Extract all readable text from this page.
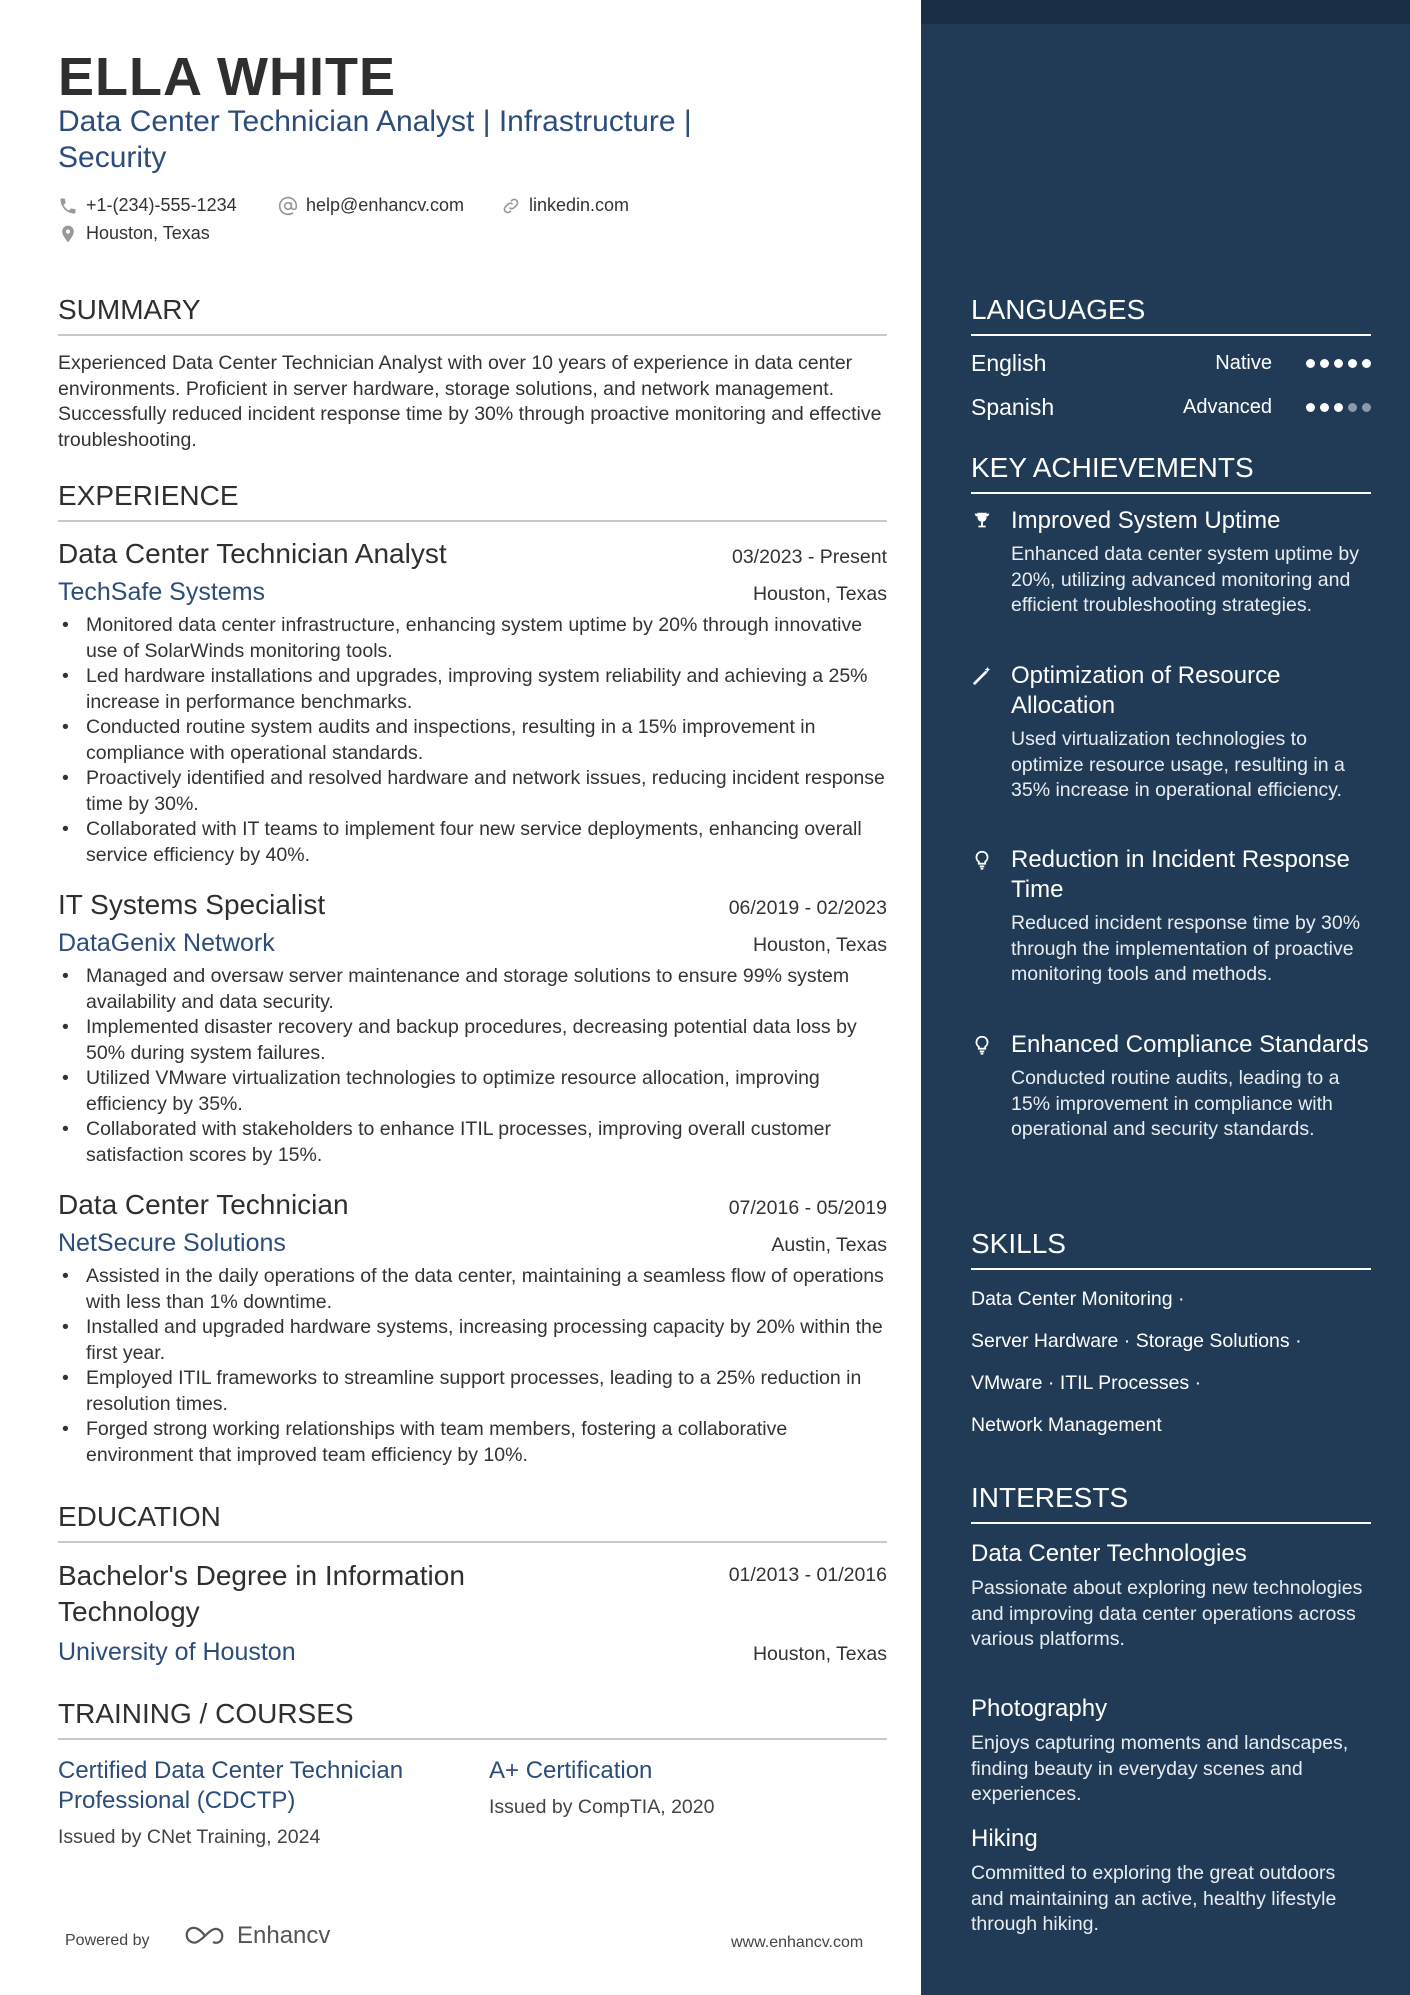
ELLA WHITE
Data Center Technician Analyst | Infrastructure | Security
+1-(234)-555-1234	help@enhancv.com	linkedin.com
Houston, Texas
SUMMARY
Experienced Data Center Technician Analyst with over 10 years of experience in data center environments. Proficient in server hardware, storage solutions, and network management. Successfully reduced incident response time by 30% through proactive monitoring and effective troubleshooting.
EXPERIENCE
Data Center Technician Analyst	03/2023 - Present
TechSafe Systems	Houston, Texas
• Monitored data center infrastructure, enhancing system uptime by 20% through innovative use of SolarWinds monitoring tools.
• Led hardware installations and upgrades, improving system reliability and achieving a 25% increase in performance benchmarks.
• Conducted routine system audits and inspections, resulting in a 15% improvement in compliance with operational standards.
• Proactively identified and resolved hardware and network issues, reducing incident response time by 30%.
• Collaborated with IT teams to implement four new service deployments, enhancing overall service efficiency by 40%.
IT Systems Specialist	06/2019 - 02/2023
DataGenix Network	Houston, Texas
• Managed and oversaw server maintenance and storage solutions to ensure 99% system availability and data security.
• Implemented disaster recovery and backup procedures, decreasing potential data loss by 50% during system failures.
• Utilized VMware virtualization technologies to optimize resource allocation, improving efficiency by 35%.
• Collaborated with stakeholders to enhance ITIL processes, improving overall customer satisfaction scores by 15%.
Data Center Technician	07/2016 - 05/2019
NetSecure Solutions	Austin, Texas
• Assisted in the daily operations of the data center, maintaining a seamless flow of operations with less than 1% downtime.
• Installed and upgraded hardware systems, increasing processing capacity by 20% within the first year.
• Employed ITIL frameworks to streamline support processes, leading to a 25% reduction in resolution times.
• Forged strong working relationships with team members, fostering a collaborative environment that improved team efficiency by 10%.
EDUCATION
Bachelor's Degree in Information Technology
01/2013 - 01/2016
University of Houston	Houston, Texas
TRAINING / COURSES
Certified Data Center Technician Professional (CDCTP)
Issued by CNet Training, 2024
A+ Certification
Issued by CompTIA, 2020
Powered by	Enhancv	www.enhancv.com
LANGUAGES
English	Native
Spanish	Advanced
KEY ACHIEVEMENTS
Improved System Uptime
Enhanced data center system uptime by 20%, utilizing advanced monitoring and efficient troubleshooting strategies.
Optimization of Resource Allocation
Used virtualization technologies to optimize resource usage, resulting in a 35% increase in operational efficiency.
Reduction in Incident Response Time
Reduced incident response time by 30% through the implementation of proactive monitoring tools and methods.
Enhanced Compliance Standards
Conducted routine audits, leading to a 15% improvement in compliance with operational and security standards.
SKILLS
Data Center Monitoring ·
Server Hardware · Storage Solutions ·
VMware · ITIL Processes ·
Network Management
INTERESTS
Data Center Technologies
Passionate about exploring new technologies and improving data center operations across various platforms.
Photography
Enjoys capturing moments and landscapes, finding beauty in everyday scenes and experiences.
Hiking
Committed to exploring the great outdoors and maintaining an active, healthy lifestyle through hiking.
